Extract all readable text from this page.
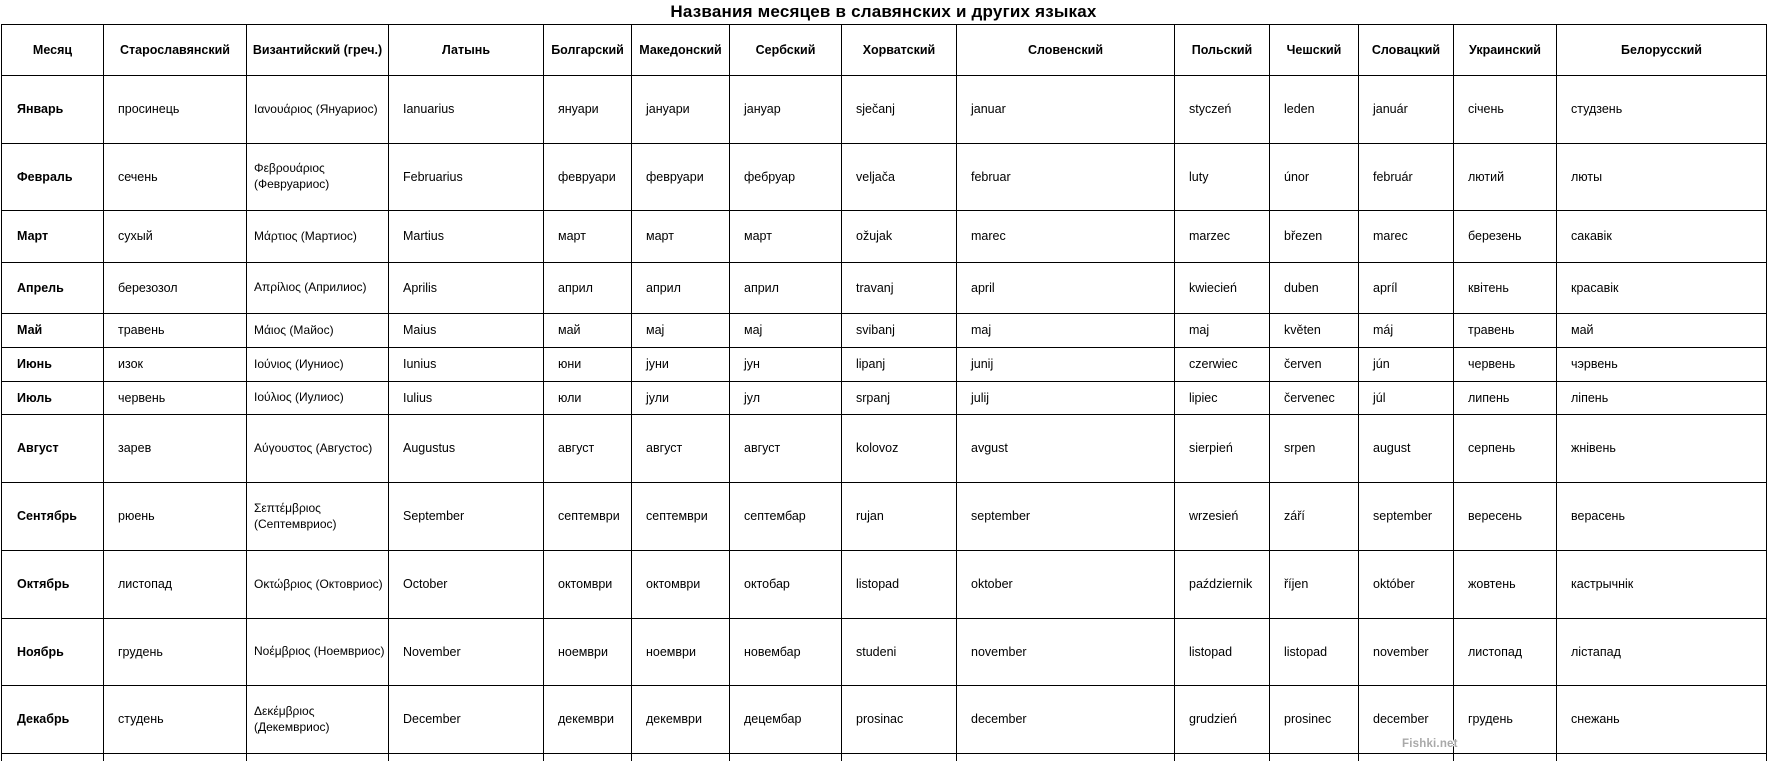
Названия месяцев в славянских и других языках
Месяц	Старославянский	Византийский (греч.)	Латынь	Болгарский	Македонский	Сербский	Хорватский	Словенский	Польский	Чешский	Словацкий	Украинский	Белорусский
Январь	просинець	Ιανουάριος (Януариос)	Ianuarius	януари	јануари	јануар	sječanj	januar	styczeń	leden	január	січень	студзень
Февраль	сечень	Φεβρουάριος (Февруариос)	Februarius	февруари	февруари	фебруар	veljača	februar	luty	únor	február	лютий	люты
Март	сухый	Μάρτιος (Мартиос)	Martius	март	март	март	ožujak	marec	marzec	březen	marec	березень	сакавік
Апрель	березозол	Απρίλιος (Априлиос)	Aprilis	април	април	април	travanj	april	kwiecień	duben	apríl	квітень	красавік
Май	травень	Μάιος (Майос)	Maius	май	мај	мај	svibanj	maj	maj	květen	máj	травень	май
Июнь	изок	Ιούνιος (Иуниос)	Iunius	юни	јуни	јун	lipanj	junij	czerwiec	červen	jún	червень	чэрвень
Июль	червень	Ιούλιος (Иулиос)	Iulius	юли	јули	јул	srpanj	julij	lipiec	červenec	júl	липень	ліпень
Август	зарев	Αύγουστος (Августос)	Augustus	август	август	август	kolovoz	avgust	sierpień	srpen	august	серпень	жнівень
Сентябрь	рюень	Σεπτέμβριος (Септемвриос)	September	септември	септември	септембар	rujan	september	wrzesień	září	september	вересень	верасень
Октябрь	листопад	Οκτώβριος (Октовриос)	October	октомври	октомври	октобар	listopad	oktober	październik	říjen	október	жовтень	кастрычнік
Ноябрь	грудень	Νοέμβριος (Ноемвриос)	November	ноември	ноември	новембар	studeni	november	listopad	listopad	november	листопад	лістапад
Декабрь	студень	Δεκέμβριος (Декемвриос)	December	декември	декември	децембар	prosinac	december	grudzień	prosinec	december	грудень	снежань

Fishki.net
